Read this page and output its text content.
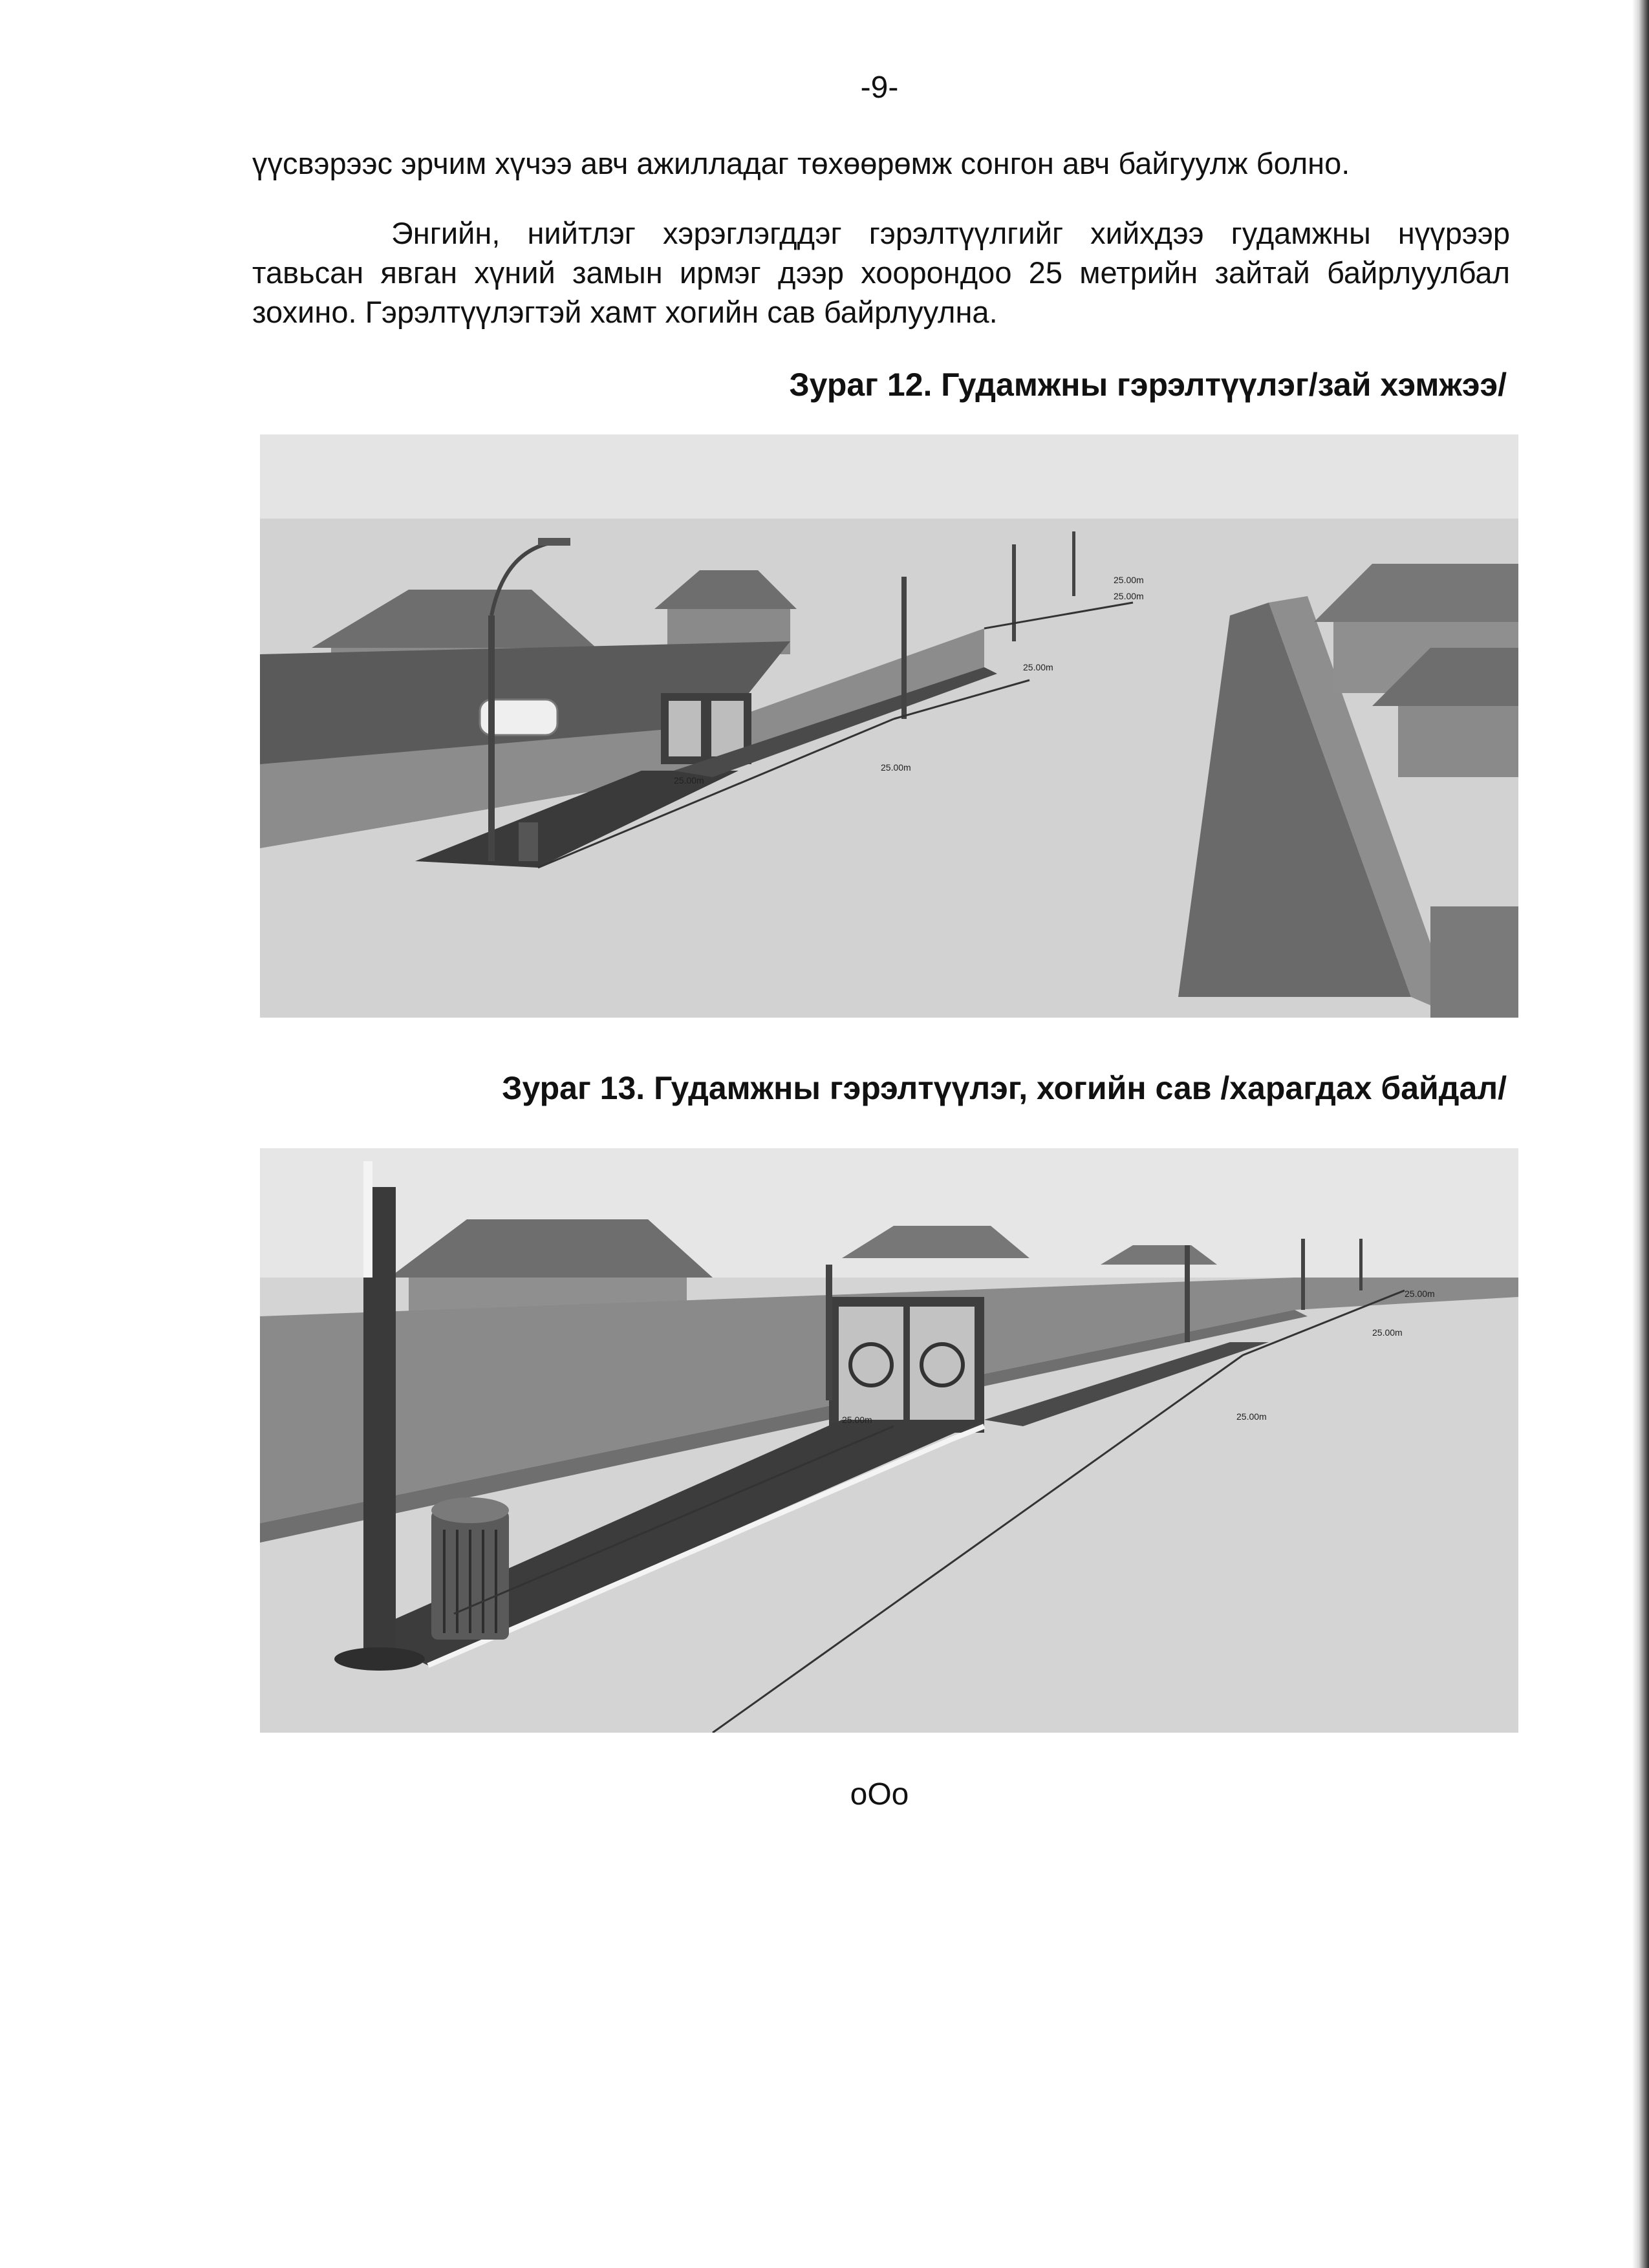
-9-
үүсвэрээс эрчим хүчээ авч ажилладаг төхөөрөмж сонгон авч байгуулж болно.
Энгийн, нийтлэг хэрэглэгддэг гэрэлтүүлгийг хийхдээ гудамжны нүүрээр тавьсан явган хүний замын ирмэг дээр хоорондоо 25 метрийн зайтай байрлуулбал зохино. Гэрэлтүүлэгтэй хамт хогийн сав байрлуулна.
Зураг 12. Гудамжны гэрэлтүүлэг/зай хэмжээ/
25.00m
25.00m
25.00m
25.00m
25.00m
Зураг 13. Гудамжны гэрэлтүүлэг, хогийн сав /харагдах байдал/
25.00m	25.00m
25.00m
25.00m
oOo
